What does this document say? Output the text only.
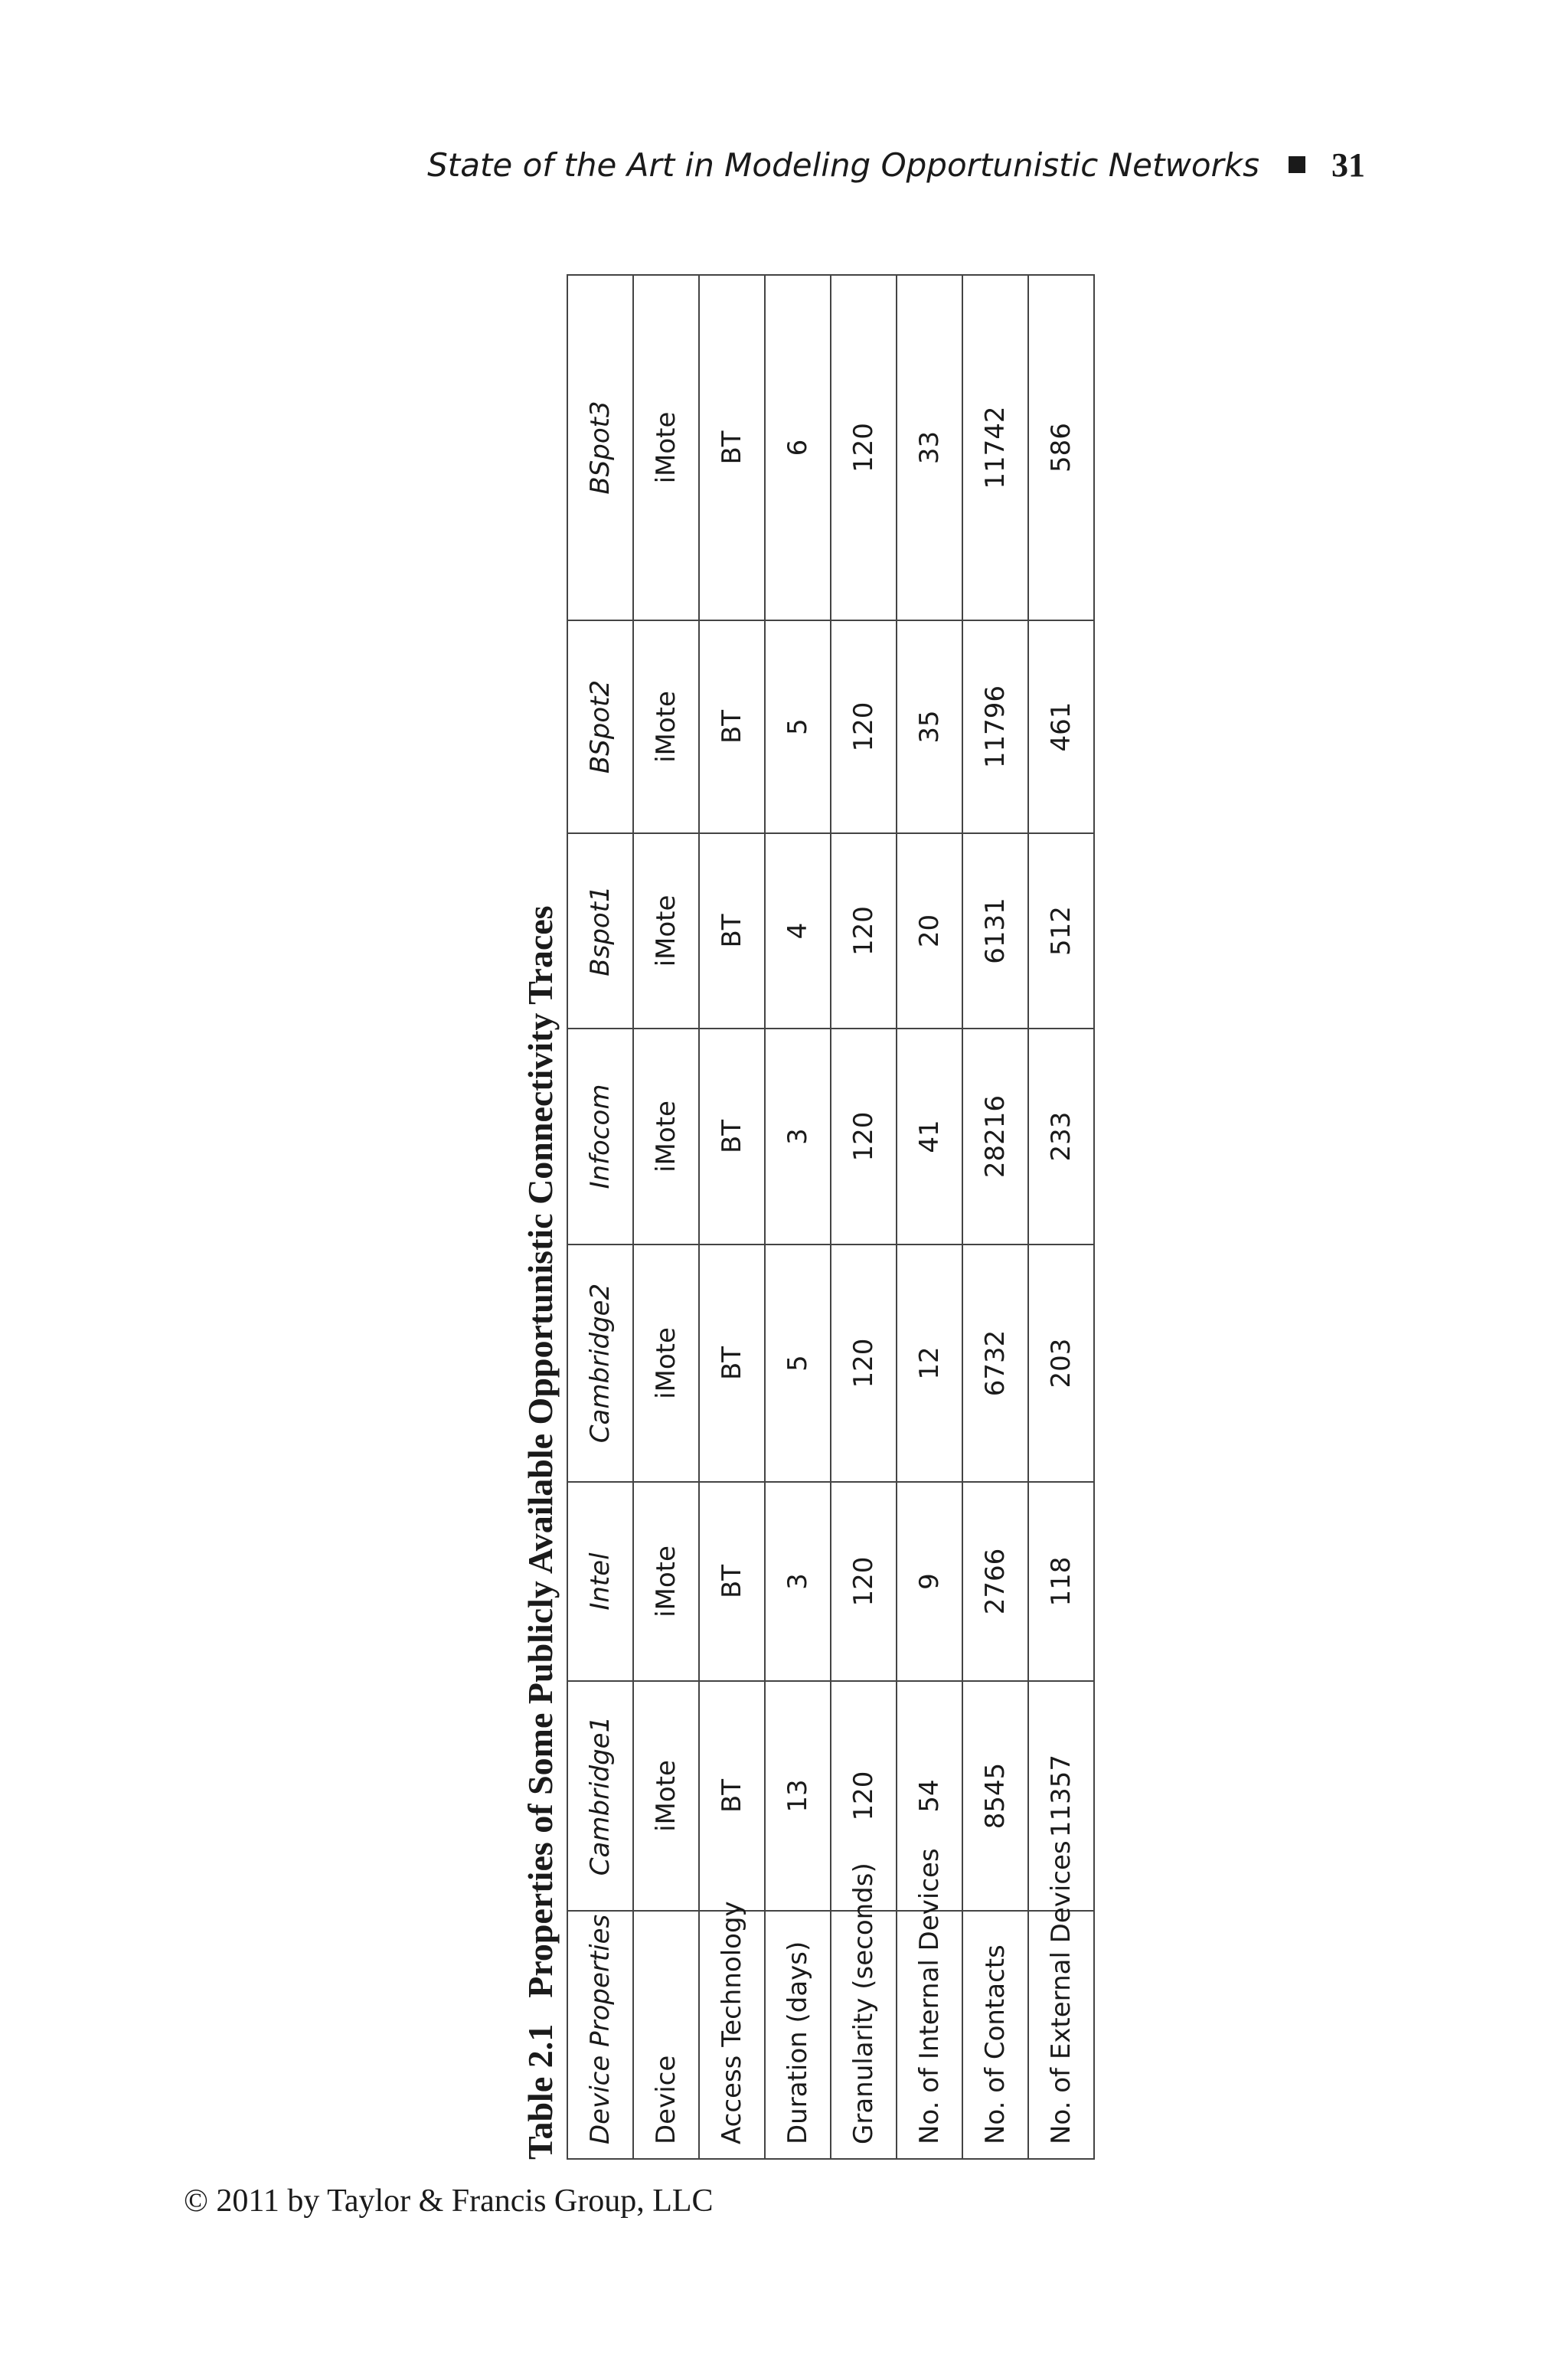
State of the Art in Modeling Opportunistic Networks 31
Table 2.1
Properties of Some Publicly Available Opportunistic Connectivity Traces
Device Properties	Cambridge1	Intel	Cambridge2	Infocom	Bspot1	BSpot2	BSpot3
Device	iMote	iMote	iMote	iMote	iMote	iMote	iMote
Access Technology	BT	BT	BT	BT	BT	BT	BT
Duration (days)	13	3	5	3	4	5	6
Granularity (seconds)	120	120	120	120	120	120	120
No. of Internal Devices	54	9	12	41	20	35	33
No. of Contacts	8545	2766	6732	28216	6131	11796	11742
No. of External Devices	11357	118	203	233	512	461	586
© 2011 by Taylor & Francis Group, LLC
